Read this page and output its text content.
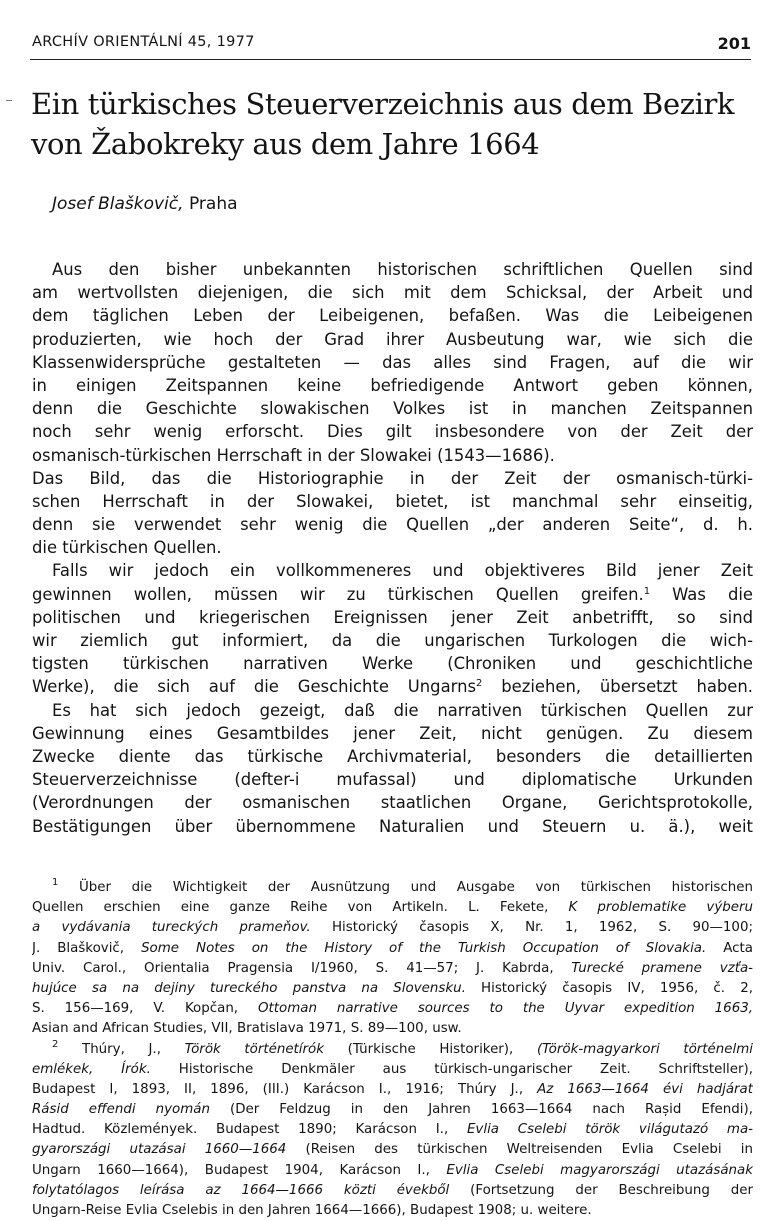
ARCHÍV ORIENTÁLNÍ 45, 1977	201
Ein türkisches Steuerverzeichnis aus dem Bezirk
von Žabokreky aus dem Jahre 1664
Josef Blaškovič, Praha
Aus den bisher unbekannten historischen schriftlichen Quellen sind
am wertvollsten diejenigen, die sich mit dem Schicksal, der Arbeit und
dem täglichen Leben der Leibeigenen, befaßen. Was die Leibeigenen
produzierten, wie hoch der Grad ihrer Ausbeutung war, wie sich die
Klassenwidersprüche gestalteten — das alles sind Fragen, auf die wir
in einigen Zeitspannen keine befriedigende Antwort geben können,
denn die Geschichte slowakischen Volkes ist in manchen Zeitspannen
noch sehr wenig erforscht. Dies gilt insbesondere von der Zeit der
osmanisch-türkischen Herrschaft in der Slowakei (1543—1686).
Das Bild, das die Historiographie in der Zeit der osmanisch-türki-
schen Herrschaft in der Slowakei, bietet, ist manchmal sehr einseitig,
denn sie verwendet sehr wenig die Quellen „der anderen Seite“, d. h.
die türkischen Quellen.
Falls wir jedoch ein vollkommeneres und objektiveres Bild jener Zeit
gewinnen wollen, müssen wir zu türkischen Quellen greifen.$^1$ Was die
politischen und kriegerischen Ereignissen jener Zeit anbetrifft, so sind
wir ziemlich gut informiert, da die ungarischen Turkologen die wich-
tigsten türkischen narrativen Werke (Chroniken und geschichtliche
Werke), die sich auf die Geschichte Ungarns$^2$ beziehen, übersetzt haben.
Es hat sich jedoch gezeigt, daß die narrativen türkischen Quellen zur
Gewinnung eines Gesamtbildes jener Zeit, nicht genügen. Zu diesem
Zwecke diente das türkische Archivmaterial, besonders die detaillierten
Steuerverzeichnisse (defter-i mufassal) und diplomatische Urkunden
(Verordnungen der osmanischen staatlichen Organe, Gerichtsprotokolle,
Bestätigungen über übernommene Naturalien und Steuern u. ä.), weit
$^1$ Über die Wichtigkeit der Ausnützung und Ausgabe von türkischen historischen
Quellen erschien eine ganze Reihe von Artikeln. L. Fekete, K problematike výberu
a vydávania tureckých prameňov. Historický časopis X, Nr. 1, 1962, S. 90—100;
J. Blaškovič, Some Notes on the History of the Turkish Occupation of Slovakia. Acta
Univ. Carol., Orientalia Pragensia I/1960, S. 41—57; J. Kabrda, Turecké pramene vzťa-
hujúce sa na dejiny tureckého panstva na Slovensku. Historický časopis IV, 1956, č. 2,
S. 156—169, V. Kopčan, Ottoman narrative sources to the Uyvar expedition 1663,
Asian and African Studies, VII, Bratislava 1971, S. 89—100, usw.
$^2$ Thúry, J., Török történetírók (Türkische Historiker), (Török-magyarkori történelmi
emlékek, Írók. Historische Denkmäler aus türkisch-ungarischer Zeit. Schriftsteller),
Budapest I, 1893, II, 1896, (III.) Karácson I., 1916; Thúry J., Az 1663—1664 évi hadjárat
Rásid effendi nyomán (Der Feldzug in den Jahren 1663—1664 nach Rașid Efendi),
Hadtud. Közlemények. Budapest 1890; Karácson I., Evlia Cselebi török világutazó ma-
gyarországi utazásai 1660—1664 (Reisen des türkischen Weltreisenden Evlia Cselebi in
Ungarn 1660—1664), Budapest 1904, Karácson I., Evlia Cselebi magyarországi utazásának
folytatólagos leírása az 1664—1666 közti évekből (Fortsetzung der Beschreibung der
Ungarn-Reise Evlia Cselebis in den Jahren 1664—1666), Budapest 1908; u. weitere.
